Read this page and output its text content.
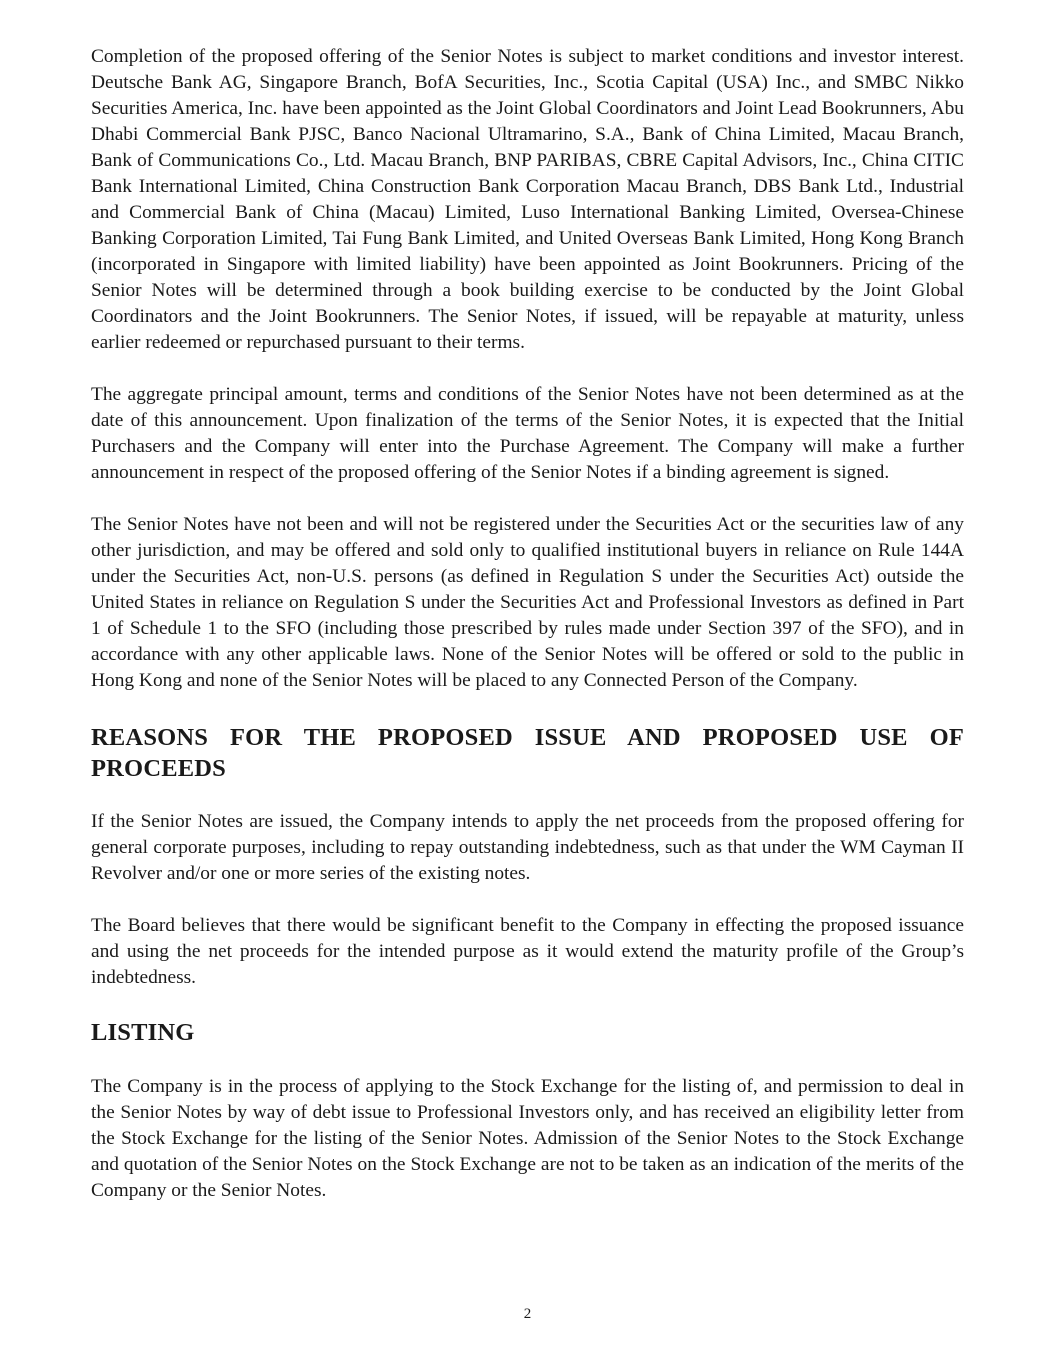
Completion of the proposed offering of the Senior Notes is subject to market conditions and investor interest. Deutsche Bank AG, Singapore Branch, BofA Securities, Inc., Scotia Capital (USA) Inc., and SMBC Nikko Securities America, Inc. have been appointed as the Joint Global Coordinators and Joint Lead Bookrunners, Abu Dhabi Commercial Bank PJSC, Banco Nacional Ultramarino, S.A., Bank of China Limited, Macau Branch, Bank of Communications Co., Ltd. Macau Branch, BNP PARIBAS, CBRE Capital Advisors, Inc., China CITIC Bank International Limited, China Construction Bank Corporation Macau Branch, DBS Bank Ltd., Industrial and Commercial Bank of China (Macau) Limited, Luso International Banking Limited, Oversea-Chinese Banking Corporation Limited, Tai Fung Bank Limited, and United Overseas Bank Limited, Hong Kong Branch (incorporated in Singapore with limited liability) have been appointed as Joint Bookrunners. Pricing of the Senior Notes will be determined through a book building exercise to be conducted by the Joint Global Coordinators and the Joint Bookrunners. The Senior Notes, if issued, will be repayable at maturity, unless earlier redeemed or repurchased pursuant to their terms.

The aggregate principal amount, terms and conditions of the Senior Notes have not been determined as at the date of this announcement. Upon finalization of the terms of the Senior Notes, it is expected that the Initial Purchasers and the Company will enter into the Purchase Agreement. The Company will make a further announcement in respect of the proposed offering of the Senior Notes if a binding agreement is signed.

The Senior Notes have not been and will not be registered under the Securities Act or the securities law of any other jurisdiction, and may be offered and sold only to qualified institutional buyers in reliance on Rule 144A under the Securities Act, non-U.S. persons (as defined in Regulation S under the Securities Act) outside the United States in reliance on Regulation S under the Securities Act and Professional Investors as defined in Part 1 of Schedule 1 to the SFO (including those prescribed by rules made under Section 397 of the SFO), and in accordance with any other applicable laws. None of the Senior Notes will be offered or sold to the public in Hong Kong and none of the Senior Notes will be placed to any Connected Person of the Company.

REASONS FOR THE PROPOSED ISSUE AND PROPOSED USE OF
PROCEEDS

If the Senior Notes are issued, the Company intends to apply the net proceeds from the proposed offering for general corporate purposes, including to repay outstanding indebtedness, such as that under the WM Cayman II Revolver and/or one or more series of the existing notes.

The Board believes that there would be significant benefit to the Company in effecting the proposed issuance and using the net proceeds for the intended purpose as it would extend the maturity profile of the Group’s indebtedness.

LISTING

The Company is in the process of applying to the Stock Exchange for the listing of, and permission to deal in the Senior Notes by way of debt issue to Professional Investors only, and has received an eligibility letter from the Stock Exchange for the listing of the Senior Notes. Admission of the Senior Notes to the Stock Exchange and quotation of the Senior Notes on the Stock Exchange are not to be taken as an indication of the merits of the Company or the Senior Notes.

2
